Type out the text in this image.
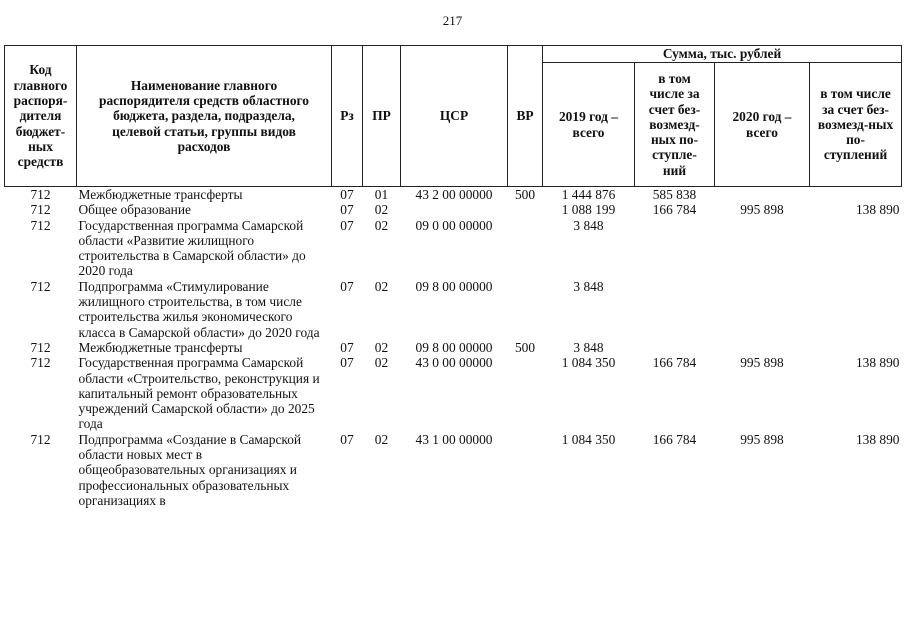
217
Код главного распоря-дителя бюджет-ных средств	Наименование главного распорядителя средств областного бюджета, раздела, подраздела, целевой статьи, группы видов расходов	Рз	ПР	ЦСР	ВР	Сумма, тыс. рублей			
						2019 год – всего	в том числе за счет без-возмезд-ных по-ступле-ний	2020 год – всего	в том числе за счет без-возмезд-ных по-ступлений
712	Межбюджетные трансферты	07	01	43 2 00 00000	500	1 444 876	585 838		
712	Общее образование	07	02			1 088 199	166 784	995 898	138 890
712	Государственная программа Самарской области «Развитие жилищного строительства в Самарской области» до 2020 года	07	02	09 0 00 00000		3 848			
712	Подпрограмма «Стимулирование жилищного строительства, в том числе строительства жилья экономического класса в Самарской области» до 2020 года	07	02	09 8 00 00000		3 848			
712	Межбюджетные трансферты	07	02	09 8 00 00000	500	3 848			
712	Государственная программа Самарской области «Строительство, реконструкция и капитальный ремонт образовательных учреждений Самарской области» до 2025 года	07	02	43 0 00 00000		1 084 350	166 784	995 898	138 890
712	Подпрограмма «Создание в Самарской области новых мест в общеобразовательных организациях и профессиональных образовательных организациях в	07	02	43 1 00 00000		1 084 350	166 784	995 898	138 890
